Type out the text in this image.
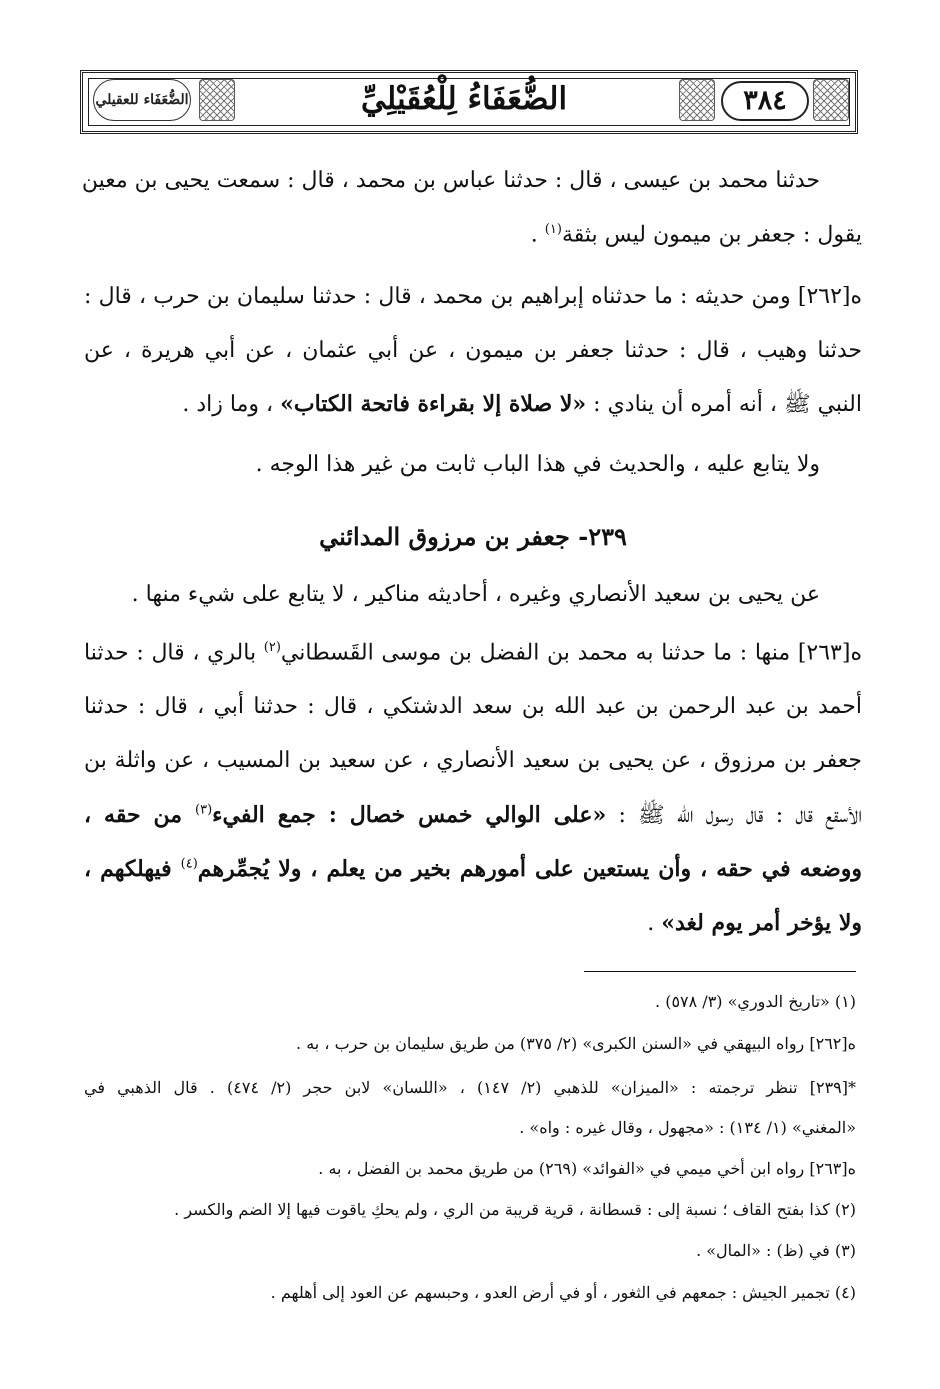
٣٨٤
الضُّعَفَاءُ لِلْعُقَيْلِيِّ
الضُّعَفَاء للعقيلي
حدثنا محمد بن عيسى ، قال : حدثنا عباس بن محمد ، قال : سمعت يحيى بن معين
يقول : جعفر بن ميمون ليس بثقة$^{(١)}$ .
ه[٢٦٢] ومن حديثه : ما حدثناه إبراهيم بن محمد ، قال : حدثنا سليمان بن حرب ، قال :
حدثنا وهيب ، قال : حدثنا جعفر بن ميمون ، عن أبي عثمان ، عن أبي هريرة ، عن
النبي ﷺ ، أنه أمره أن ينادي : «لا صلاة إلا بقراءة فاتحة الكتاب» ، وما زاد .
ولا يتابع عليه ، والحديث في هذا الباب ثابت من غير هذا الوجه .
٢٣٩- جعفر بن مرزوق المدائني
عن يحيى بن سعيد الأنصاري وغيره ، أحاديثه مناكير ، لا يتابع على شيء منها .
ه[٢٦٣] منها : ما حدثنا به محمد بن الفضل بن موسى القَسطاني$^{(٢)}$ بالري ، قال : حدثنا
أحمد بن عبد الرحمن بن عبد الله بن سعد الدشتكي ، قال : حدثنا أبي ، قال : حدثنا
جعفر بن مرزوق ، عن يحيى بن سعيد الأنصاري ، عن سعيد بن المسيب ، عن واثلة بن
الأسقع قال : قال رسول الله ﷺ : «على الوالي خمس خصال : جمع الفيء$^{(٣)}$ من حقه ،
ووضعه في حقه ، وأن يستعين على أمورهم بخير من يعلم ، ولا يُجمِّرهم$^{(٤)}$ فيهلكهم ،
ولا يؤخر أمر يوم لغد» .
(١) «تاريخ الدوري» (٣/ ٥٧٨) .
ه[٢٦٢] رواه البيهقي في «السنن الكبرى» (٢/ ٣٧٥) من طريق سليمان بن حرب ، به .
*[٢٣٩] تنظر ترجمته : «الميزان» للذهبي (٢/ ١٤٧) ، «اللسان» لابن حجر (٢/ ٤٧٤) . قال الذهبي في
«المغني» (١/ ١٣٤) : «مجهول ، وقال غيره : واه» .
ه[٢٦٣] رواه ابن أخي ميمي في «الفوائد» (٢٦٩) من طريق محمد بن الفضل ، به .
(٢) كذا بفتح القاف ؛ نسبة إلى : قسطانة ، قرية قريبة من الري ، ولم يحكِ ياقوت فيها إلا الضم والكسر .
(٣) في (ظ) : «المال» .
(٤) تجمير الجيش : جمعهم في الثغور ، أو في أرض العدو ، وحبسهم عن العود إلى أهلهم .
